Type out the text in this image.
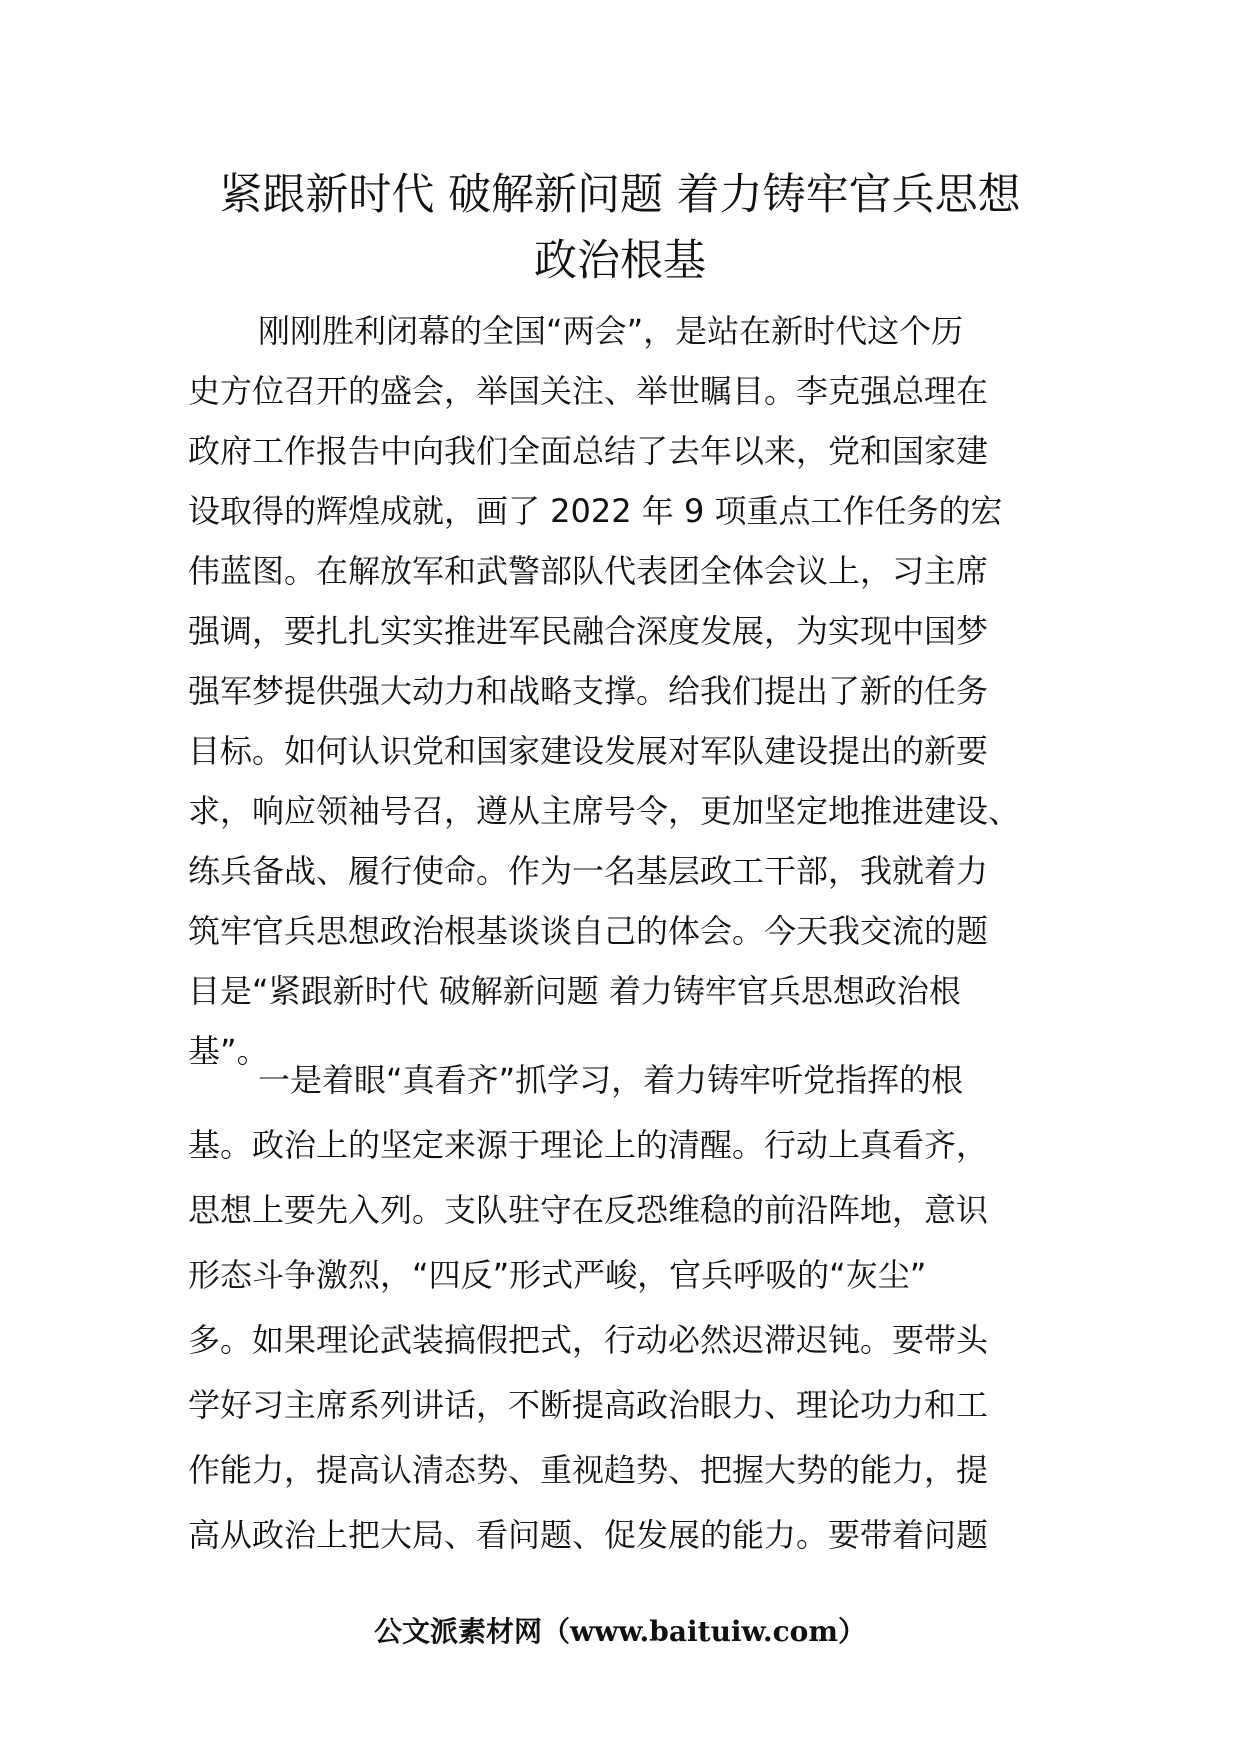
紧跟新时代 破解新问题 着力铸牢官兵思想
政治根基
刚刚胜利闭幕的全国“两会”，是站在新时代这个历
史方位召开的盛会，举国关注、举世瞩目。李克强总理在
政府工作报告中向我们全面总结了去年以来，党和国家建
设取得的辉煌成就，画了 2022 年 9 项重点工作任务的宏
伟蓝图。在解放军和武警部队代表团全体会议上，习主席
强调，要扎扎实实推进军民融合深度发展，为实现中国梦
强军梦提供强大动力和战略支撑。给我们提出了新的任务
目标。如何认识党和国家建设发展对军队建设提出的新要
求，响应领袖号召，遵从主席号令，更加坚定地推进建设、
练兵备战、履行使命。作为一名基层政工干部，我就着力
筑牢官兵思想政治根基谈谈自己的体会。今天我交流的题
目是“紧跟新时代 破解新问题 着力铸牢官兵思想政治根
基”。
一是着眼“真看齐”抓学习，着力铸牢听党指挥的根
基。政治上的坚定来源于理论上的清醒。行动上真看齐，
思想上要先入列。支队驻守在反恐维稳的前沿阵地，意识
形态斗争激烈，“四反”形式严峻，官兵呼吸的“灰尘”
多。如果理论武装搞假把式，行动必然迟滞迟钝。要带头
学好习主席系列讲话，不断提高政治眼力、理论功力和工
作能力，提高认清态势、重视趋势、把握大势的能力，提
高从政治上把大局、看问题、促发展的能力。要带着问题
公文派素材网（www.baituiw.com）
